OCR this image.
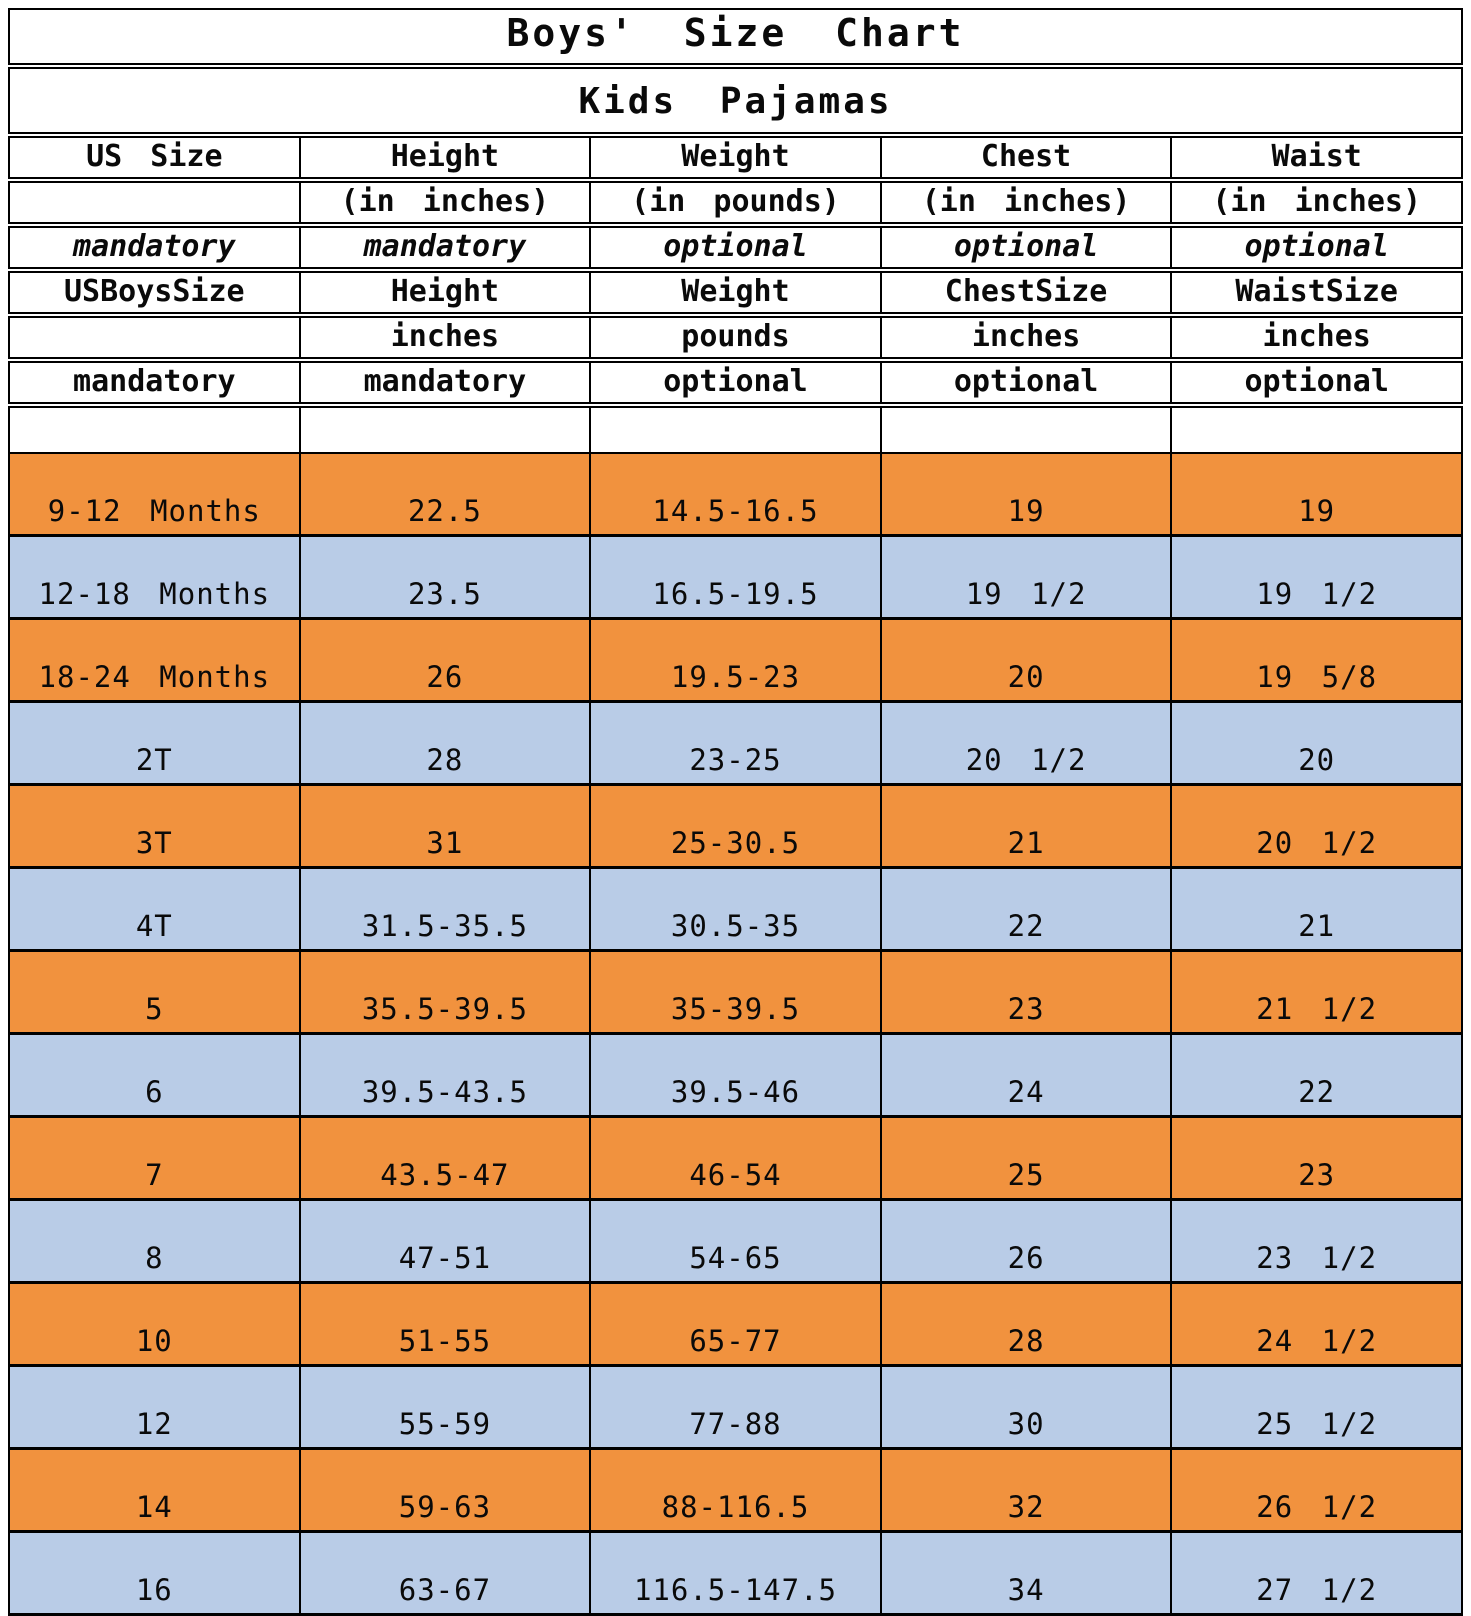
Boys' Size Chart				
Kids Pajamas				
US Size	Height	Weight	Chest	Waist
	(in inches)	(in pounds)	(in inches)	(in inches)
mandatory	mandatory	optional	optional	optional
USBoysSize	Height	Weight	ChestSize	WaistSize
	inches	pounds	inches	inches
mandatory	mandatory	optional	optional	optional

9-12 Months	22.5	14.5-16.5	19	19
12-18 Months	23.5	16.5-19.5	19 1/2	19 1/2
18-24 Months	26	19.5-23	20	19 5/8
2T	28	23-25	20 1/2	20
3T	31	25-30.5	21	20 1/2
4T	31.5-35.5	30.5-35	22	21
5	35.5-39.5	35-39.5	23	21 1/2
6	39.5-43.5	39.5-46	24	22
7	43.5-47	46-54	25	23
8	47-51	54-65	26	23 1/2
10	51-55	65-77	28	24 1/2
12	55-59	77-88	30	25 1/2
14	59-63	88-116.5	32	26 1/2
16	63-67	116.5-147.5	34	27 1/2
